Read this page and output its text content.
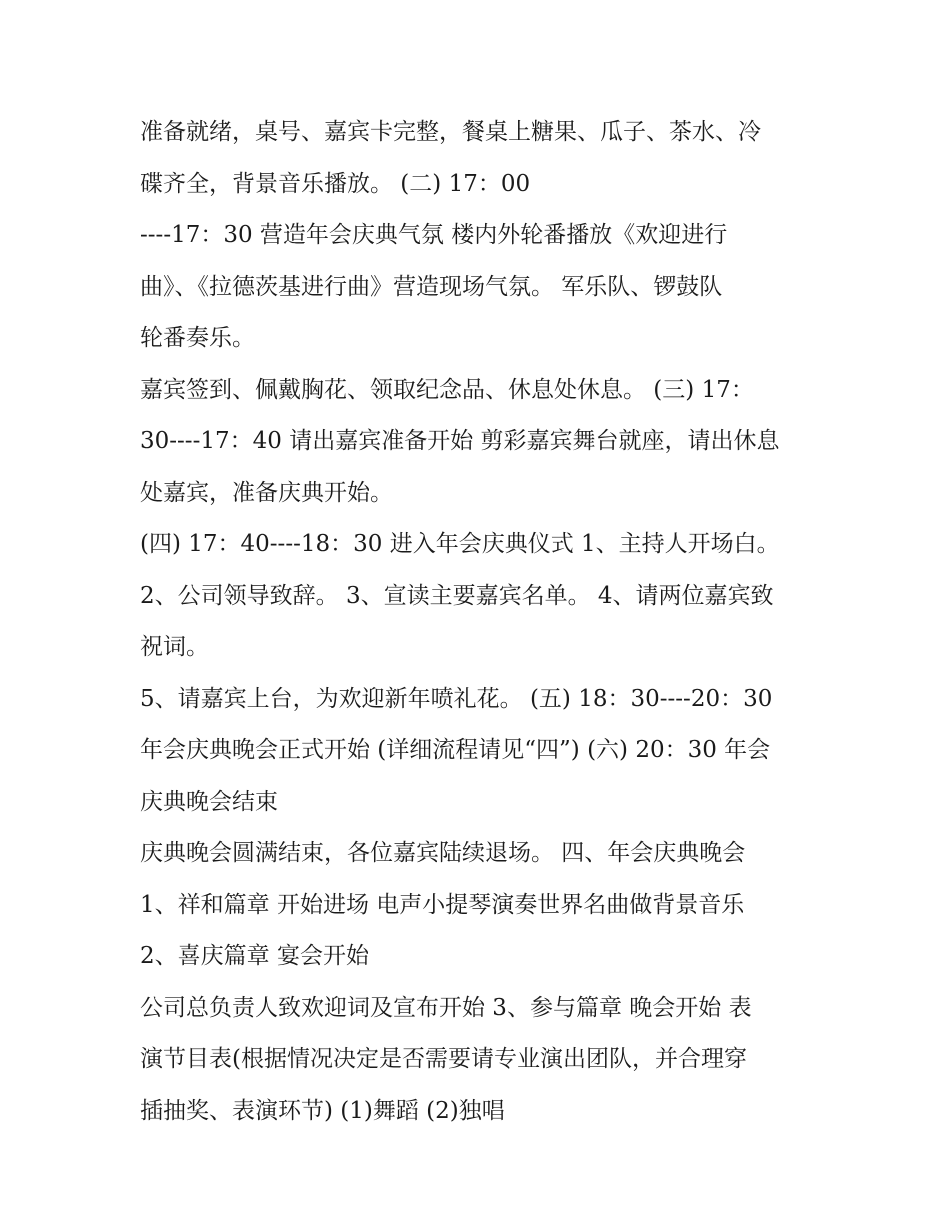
准备就绪，桌号、嘉宾卡完整，餐桌上糖果、瓜子、茶水、冷
碟齐全，背景音乐播放。 (二) 17：00
----17：30 营造年会庆典气氛 楼内外轮番播放《欢迎进行
曲》、《拉德茨基进行曲》营造现场气氛。 军乐队、锣鼓队
轮番奏乐。
嘉宾签到、佩戴胸花、领取纪念品、休息处休息。 (三) 17：
30----17：40 请出嘉宾准备开始 剪彩嘉宾舞台就座，请出休息
处嘉宾，准备庆典开始。
(四) 17：40----18：30 进入年会庆典仪式 1、主持人开场白。
2、公司领导致辞。 3、宣读主要嘉宾名单。 4、请两位嘉宾致
祝词。
5、请嘉宾上台，为欢迎新年喷礼花。 (五) 18：30----20：30
年会庆典晚会正式开始 (详细流程请见“四”) (六) 20：30 年会
庆典晚会结束
庆典晚会圆满结束，各位嘉宾陆续退场。 四、年会庆典晚会
1、祥和篇章 开始进场 电声小提琴演奏世界名曲做背景音乐
2、喜庆篇章 宴会开始
公司总负责人致欢迎词及宣布开始 3、参与篇章 晚会开始 表
演节目表(根据情况决定是否需要请专业演出团队，并合理穿
插抽奖、表演环节) (1)舞蹈 (2)独唱
